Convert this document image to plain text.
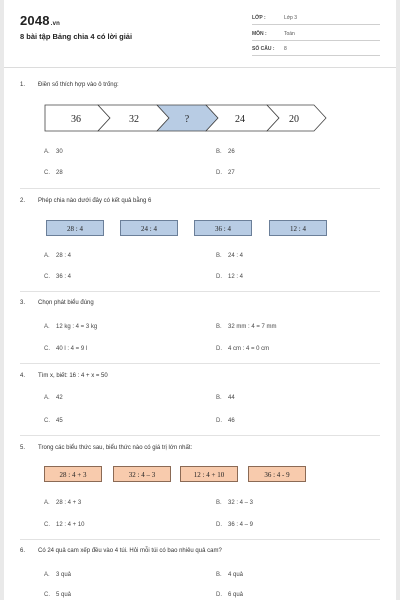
2048.vn
8 bài tập Bảng chia 4 có lời giải
LỚP :	Lớp 3
MÔN :	Toán
SỐ CÂU : 8
1. Điền số thích hợp vào ô trống:
36	32	?	24	20
A. 30	B. 26
C. 28	D. 27
2. Phép chia nào dưới đây có kết quả bằng 6
28 : 4	24 : 4	36 : 4	12 : 4
A. 28 : 4	B. 24 : 4
C. 36 : 4	D. 12 : 4
3. Chọn phát biểu đúng
A. 12 kg : 4 = 3 kg	B. 32 mm : 4 = 7 mm
C. 40 l : 4 = 9 l	D. 4 cm : 4 = 0 cm
4. Tìm x, biết: 16 : 4 + x = 50
A. 42	B. 44
C. 45	D. 46
5. Trong các biểu thức sau, biểu thức nào có giá trị lớn nhất:
28 : 4 + 3	32 : 4 – 3	12 : 4 + 10	36 : 4 - 9
A. 28 : 4 + 3	B. 32 : 4 – 3
C. 12 : 4 + 10	D. 36 : 4 – 9
6. Có 24 quả cam xếp đều vào 4 túi. Hỏi mỗi túi có bao nhiêu quả cam?
A. 3 quả	B. 4 quả
C. 5 quả	D. 6 quả
